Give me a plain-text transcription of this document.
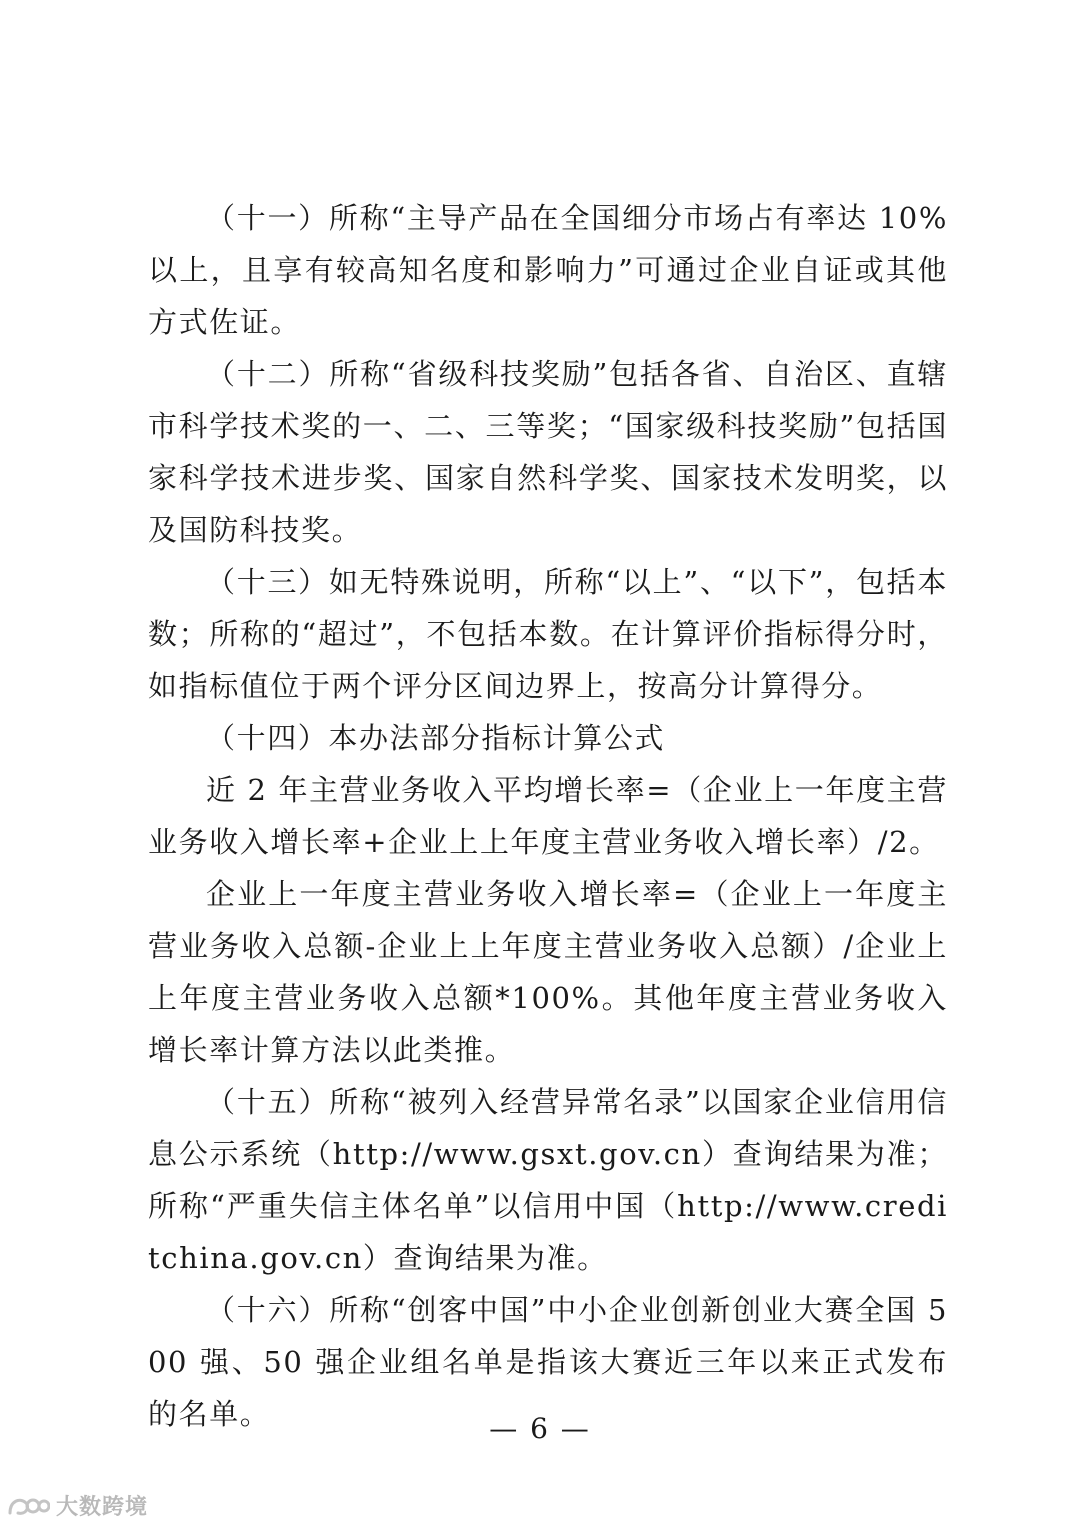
（十一）所称“主导产品在全国细分市场占有率达 10%以上，且享有较高知名度和影响力”可通过企业自证或其他方式佐证。

（十二）所称“省级科技奖励”包括各省、自治区、直辖市科学技术奖的一、二、三等奖；“国家级科技奖励”包括国家科学技术进步奖、国家自然科学奖、国家技术发明奖，以及国防科技奖。

（十三）如无特殊说明，所称“以上”、“以下”，包括本数；所称的“超过”，不包括本数。在计算评价指标得分时，如指标值位于两个评分区间边界上，按高分计算得分。

（十四）本办法部分指标计算公式

近 2 年主营业务收入平均增长率=（企业上一年度主营业务收入增长率+企业上上年度主营业务收入增长率）/2。

企业上一年度主营业务收入增长率=（企业上一年度主营业务收入总额-企业上上年度主营业务收入总额）/企业上上年度主营业务收入总额*100%。其他年度主营业务收入增长率计算方法以此类推。

（十五）所称“被列入经营异常名录”以国家企业信用信息公示系统（http://www.gsxt.gov.cn）查询结果为准；所称“严重失信主体名单”以信用中国（http://www.creditchina.gov.cn）查询结果为准。

（十六）所称“创客中国”中小企业创新创业大赛全国 500 强、50 强企业组名单是指该大赛近三年以来正式发布的名单。	— 6 —
大数跨境
